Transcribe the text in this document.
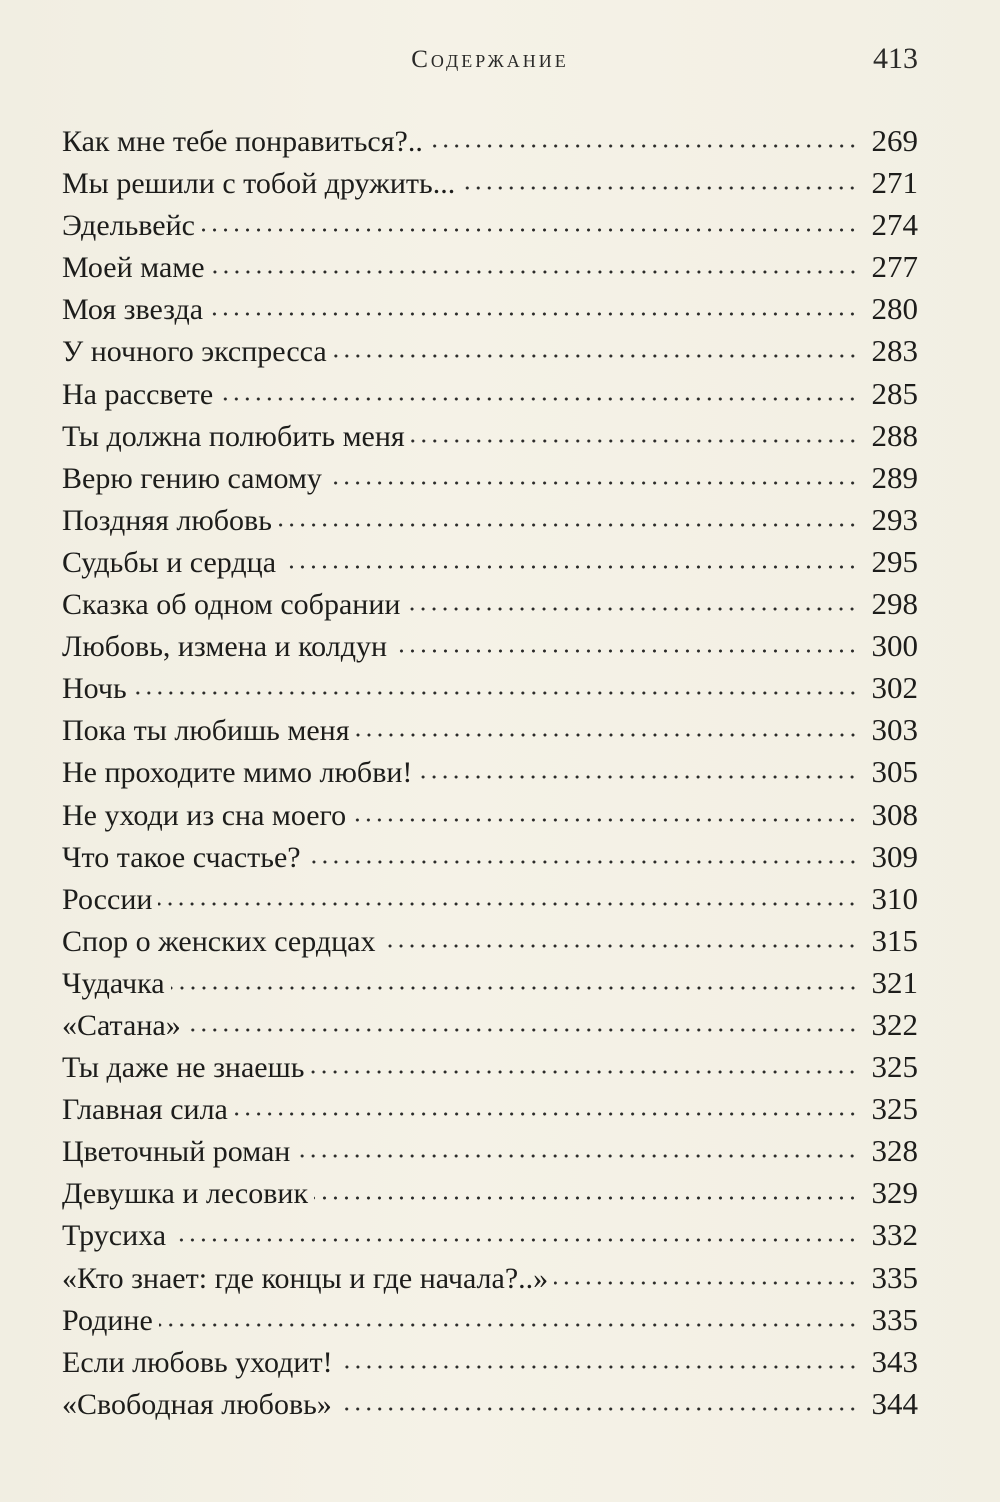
Содержание	413
Как мне тебе понравиться?..	269
Мы решили с тобой дружить...	271
Эдельвейс	274
Моей маме	277
Моя звезда	280
У ночного экспресса	283
На рассвете	285
Ты должна полюбить меня	288
Верю гению самому	289
Поздняя любовь	293
Судьбы и сердца	295
Сказка об одном собрании	298
Любовь, измена и колдун	300
Ночь	302
Пока ты любишь меня	303
Не проходите мимо любви!	305
Не уходи из сна моего	308
Что такое счастье?	309
России	310
Спор о женских сердцах	315
Чудачка	321
«Сатана»	322
Ты даже не знаешь	325
Главная сила	325
Цветочный роман	328
Девушка и лесовик	329
Трусиха	332
«Кто знает: где концы и где начала?..»	335
Родине	335
Если любовь уходит!	343
«Свободная любовь»	344
